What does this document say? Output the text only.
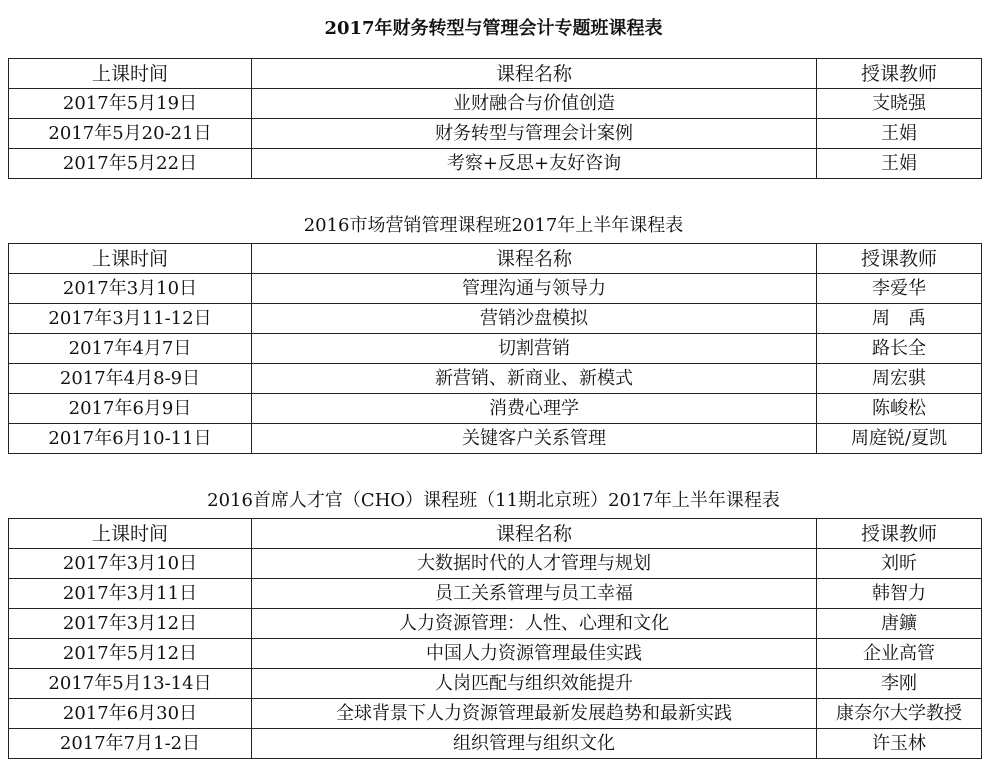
2017年财务转型与管理会计专题班课程表
上课时间	课程名称	授课教师
2017年5月19日	业财融合与价值创造	支晓强
2017年5月20-21日	财务转型与管理会计案例	王娟
2017年5月22日	考察+反思+友好咨询	王娟
2016市场营销管理课程班2017年上半年课程表
上课时间	课程名称	授课教师
2017年3月10日	管理沟通与领导力	李爱华
2017年3月11-12日	营销沙盘模拟	周　禹
2017年4月7日	切割营销	路长全
2017年4月8-9日	新营销、新商业、新模式	周宏骐
2017年6月9日	消费心理学	陈峻松
2017年6月10-11日	关键客户关系管理	周庭锐/夏凯
2016首席人才官（CHO）课程班（11期北京班）2017年上半年课程表
上课时间	课程名称	授课教师
2017年3月10日	大数据时代的人才管理与规划	刘昕
2017年3月11日	员工关系管理与员工幸福	韩智力
2017年3月12日	人力资源管理：人性、心理和文化	唐鑛
2017年5月12日	中国人力资源管理最佳实践	企业高管
2017年5月13-14日	人岗匹配与组织效能提升	李刚
2017年6月30日	全球背景下人力资源管理最新发展趋势和最新实践	康奈尔大学教授
2017年7月1-2日	组织管理与组织文化	许玉林
